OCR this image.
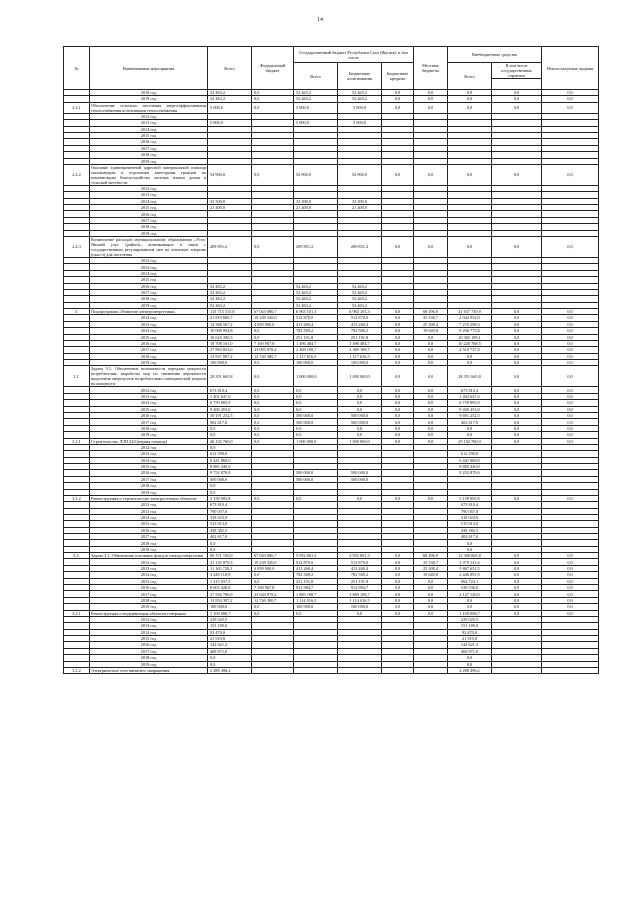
14
№	Наименование мероприятия	Всего	Федеральный бюджет	Государственный бюджет Республики Саха (Якутия), в том числе			Местные бюджеты	Внебюджетные средства		Неиспользуемые задания
				Всего	Бюджетные ассигнования	Бюджетные кредиты		Всего	В том числе государственные гарантии	

	2018 год	52 463,2	0,0	52 463,2	52 463,2	0,0	0,0	0,0	0,0	0,0
	2019 год	52 463,2	0,0	52 463,2	52 463,2	0,0	0,0	0,0	0,0	0,0
2.4.1	Обеспечение сельского населения энергоэффективными теплоснабжения источниками теплоснабжения	5 000,0	0,0	5 000,0	5 000,0	0,0	0,0	0,0	0,0	0,0
	2012 год									
	2013 год	5 000,0		5 000,0	5 000,0					
	2014 год									
	2015 год									
	2016 год									
	2017 год									
	2018 год									
	2019 год									
2.4.2	Оказание единовременной адресной материальной помощи малоимущим и отдельным категориям граждан на компенсацию благоустройства частных жилых домов в сельской местности	54 900,0	0,0	54 900,0	54 900,0	0,0	0,0	0,0	0,0	0,0
	2012 год									
	2013 год									
	2014 год	33 500,0		33 500,0	33 500,0					
	2015 год	21 400,0		21 400,0	21 400,0					
	2016 год									
	2017 год									
	2018 год									
	2019 год									
2.4.3	Возмещение расходов муниципальному образованию «Усть-Янский улус (район)», возникающих в связи с государственным регулированием цен на тепловую энергию (гкал/ч) для населения	209 851,2	0,0	209 851,2	209 851,2	0,0	0,0	0,0	0,0	0,0
	2012 год									
	2013 год									
	2014 год									
	2015 год									
	2016 год	52 463,2		52 463,2	52 463,2					
	2017 год	52 463,2		52 463,2	52 463,2					
	2018 год	52 463,2		52 463,2	52 463,2					
	2019 год	52 463,2		52 463,2	52 463,2					
3.	Подпрограмма «Развитие электроэнергетики»	115 713 315,8	67 043 086,7	6 963 101,3	6 963 101,3	0,0	68 496,9	41 637 730,9	0,0	0,0
	2012 год	21 819 680,7	19 239 320,0	512 870,0	512 870,0	0,0	35 538,7	2 042 952,0	0,0	0,0
	2013 год	12 568 567,2	4 859 900,0	413 260,4	413 260,4	0,0	25 308,4	7 270 298,3	0,0	0,0
	2014 год	10 008 094,8	0,0	782 569,2	782 569,2	0,0	19 649,8	9 206 775,8	0,0	0,0
	2015 год	10 616 390,5	0,0	251 191,8	251 191,8	0,0	0,0	10 365 199,1	0,0	0,0
	2016 год	18 708 161,0	7 169 907,8	1 496 484,7	1 496 484,7	0,0	0,0	10 220 768,5	0,0	0,0
	2017 год	27 963 823,6	23 093 978,2	2 369 108,7	2 369 108,7	0,0	0,0	2 510 737,8	0,0	0,0
	2018 год	13 837 897,2	12 740 380,7	1 117 616,5	1 117 616,5	0,0	0,0	0,0	0,0	0,0
	2019 год	100 000,0	0,0	100 000,0	100 000,0	0,0	0,0	0,0	0,0	0,0
3.1.	Задача 3.1. Обеспечение возможности передачи мощности потребителям, выработка мер по снижению вероятности выделения энергоузлов потребителями электрической энергии на мощности	29 351 665,8	0,0	1 000 000,0	1 000 000,0	0,0	0,0	28 351 665,8	0,0	0,0
	2012 год	673 810,4	0,0	0,0	0,0	0,0	0,0	673 810,4	0,0	0,0
	2013 год	1 402 647,0	0,0	0,0	0,0	0,0	0,0	1 402 647,0	0,0	0,0
	2014 год	6 759 883,9	0,0	0,0	0,0	0,0	0,0	6 759 883,9	0,0	0,0
	2015 год	9 400 453,0	0,0	0,0	0,0	0,0	0,0	9 400 453,0	0,0	0,0
	2016 год	10 191 252,5	0,0	500 000,0	500 000,0	0,0	0,0	9 691 252,5	0,0	0,0
	2017 год	902 617,0	0,0	500 000,0	500 000,0	0,0	0,0	402 617,0	0,0	0,0
	2018 год	0,0	0,0	0,0	0,0	0,0	0,0	0,0	0,0	0,0
	2019 год	0,0	0,0	0,0	0,0	0,0	0,0	0,0	0,0	0,0
3.1.1	Строительство ЛЭП 220 (первая очередь)	26 192 760,0	0,0	1 000 000,0	1 000 000,0	0,0	0,0	25 192 760,0	0,0	0,0
	2012 год	0,0								
	2013 год	612 590,0						612 590,0		
	2014 год	6 441 860,0						6 441 860,0		
	2015 год	8 885 440,0						8 885 440,0		
	2016 год	9 752 870,0		500 000,0	500 000,0			9 252 870,0		
	2017 год	500 000,0		500 000,0	500 000,0					
	2018 год	0,0								
	2019 год	0,0								
3.1.2	Реконструкция и строительство электросетевых объектов	3 158 905,8	0,0	0,0	0,0	0,0	0,0	3 158 905,8	0,0	0,0
	2012 год	673 810,4						673 810,4		
	2013 год	790 057,0						790 057,0		
	2014 год	318 023,9						318 023,9		
	2015 год	515 013,0						515 013,0		
	2016 год	438 382,5						438 382,5		
	2017 год	402 617,0						402 617,0		
	2018 год	0,0						0,0		
	2019 год	0,0						0,0		
3.2.	Задача 3.2. Обновление основных фондов электроэнергетики	86 371 150,0	67 043 086,7	5 952 601,3	5 952 601,3	0,0	68 496,9	12 306 065,8	0,0	0,0
	2012 год	21 145 870,3	19 239 320,0	512 870,0	512 870,0	0,0	35 538,7	1 379 141,6	0,0	0,0
	2013 год	11 165 720,3	4 859 900,0	413 260,4	413 260,4	0,0	25 308,4	5 867 651,5	0,0	0,0
	2014 год	3 249 110,9	0,0	782 569,2	782 569,2	0,0	19 649,8	2 446 891,9	0,0	0,0
	2015 год	1 215 937,5	0,0	251 191,8	251 191,8	0,0	0,0	964 724,1	0,0	0,0
	2016 год	8 603 428,8	7 169 907,8	912 984,7	912 984,7	0,0	0,0	520 536,0	0,0	0,0
	2017 год	27 556 706,9	23 043 978,2	1 869 108,7	1 869 108,7	0,0	0,0	2 127 120,0	0,0	0,0
	2018 год	13 854 397,2	12 740 380,7	1 114 016,5	1 114 016,5	0,0	0,0	0,0	0,0	0,0
	2019 год	100 000,0	0,0	100 000,0	100 000,0	0,0	0,0	0,0	0,0	0,0
3.2.1	Реконструкция и модернизация объектов генерации	1 109 006,7	0,0	0,0	0,0	0,0	0,0	1 109 006,7	0,0	0,0
	2012 год	229 025,5						229 025,5		
	2013 год	151 180,0						151 180,0		
	2014 год	92 470,0						92 470,0		
	2015 год	21 910,8						21 910,8		
	2016 год	142 621,3						142 621,3		
	2017 год	468 871,0						468 871,0		
	2018 год	0,0						0,0		
	2019 год	0,0						0,0		
3.2.2	Электрические сети внешнего напряжения	2 288 496,2						2 288 496,2		
